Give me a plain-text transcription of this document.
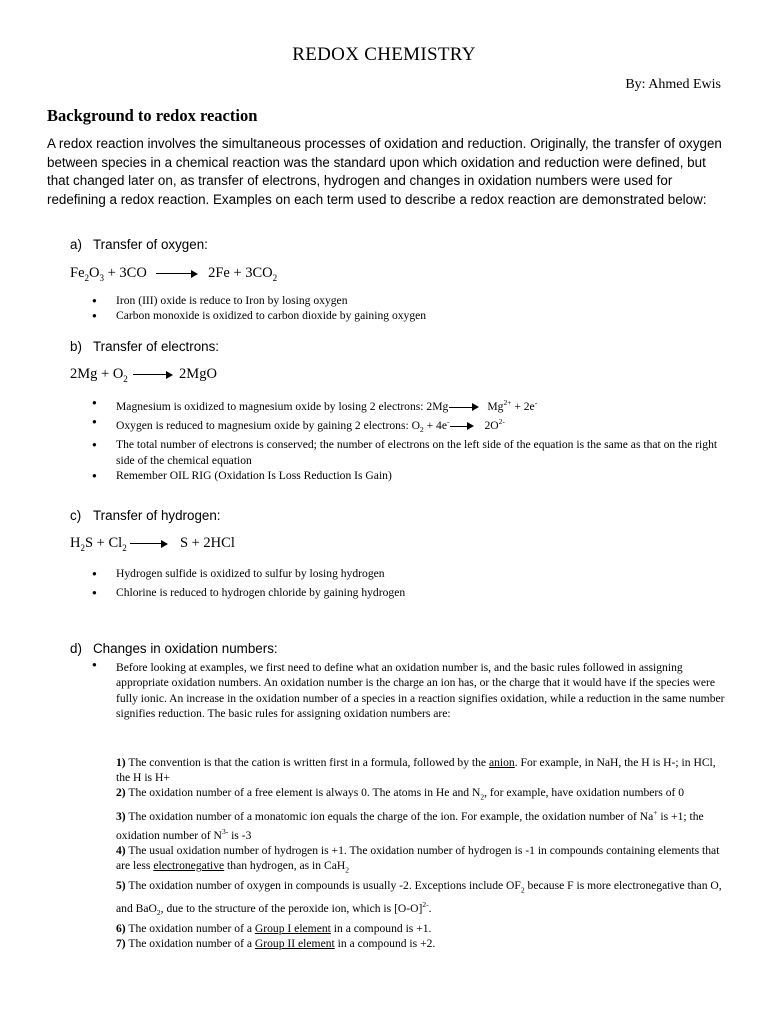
REDOX CHEMISTRY
By: Ahmed Ewis
Background to redox reaction
A redox reaction involves the simultaneous processes of oxidation and reduction. Originally, the transfer of oxygen between species in a chemical reaction was the standard upon which oxidation and reduction were defined, but that changed later on, as transfer of electrons, hydrogen and changes in oxidation numbers were used for redefining a redox reaction. Examples on each term used to describe a redox reaction are demonstrated below:
a) Transfer of oxygen:
$Fe_2O_3 + 3CO$	$2Fe + 3CO_2$
● Iron (III) oxide is reduce to Iron by losing oxygen
● Carbon monoxide is oxidized to carbon dioxide by gaining oxygen
b) Transfer of electrons:
$2Mg + O_2$	2MgO
● Magnesium is oxidized to magnesium oxide by losing 2 electrons: 2Mg	$Mg^{2+} + 2e^-$
● Oxygen is reduced to magnesium oxide by gaining 2 electrons: $O_2 + 4e^-$	$2O^{2-}$
● The total number of electrons is conserved; the number of electrons on the left side of the equation is the same as that on the right side of the chemical equation
● Remember OIL RIG (Oxidation Is Loss Reduction Is Gain)
c) Transfer of hydrogen:
$H_2S + Cl_2$	S + 2HCl
● Hydrogen sulfide is oxidized to sulfur by losing hydrogen
● Chlorine is reduced to hydrogen chloride by gaining hydrogen
d) Changes in oxidation numbers:
● Before looking at examples, we first need to define what an oxidation number is, and the basic rules followed in assigning appropriate oxidation numbers. An oxidation number is the charge an ion has, or the charge that it would have if the species were fully ionic. An increase in the oxidation number of a species in a reaction signifies oxidation, while a reduction in the same number signifies reduction. The basic rules for assigning oxidation numbers are:
1) The convention is that the cation is written first in a formula, followed by the anion. For example, in NaH, the H is H-; in HCl, the H is H+
2) The oxidation number of a free element is always 0. The atoms in He and $N_2$, for example, have oxidation numbers of 0
3) The oxidation number of a monatomic ion equals the charge of the ion. For example, the oxidation number of Na+ is +1; the oxidation number of $N^{3-}$ is -3
4) The usual oxidation number of hydrogen is +1. The oxidation number of hydrogen is -1 in compounds containing elements that are less electronegative than hydrogen, as in CaH$_2$
5) The oxidation number of oxygen in compounds is usually -2. Exceptions include $OF_2$ because F is more electronegative than O, and BaO$_2$, due to the structure of the peroxide ion, which is $[O-O]^{2-}$.
6) The oxidation number of a Group I element in a compound is +1.
7) The oxidation number of a Group II element in a compound is +2.
